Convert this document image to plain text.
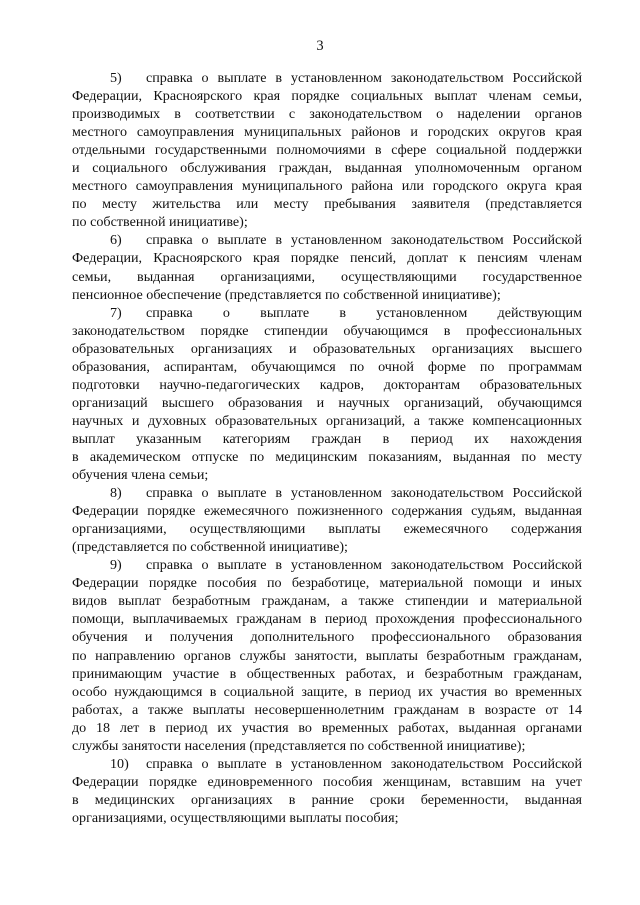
3
5) справка о выплате в установленном законодательством Российской
Федерации, Красноярского края порядке социальных выплат членам семьи,
производимых в соответствии с законодательством о наделении органов
местного самоуправления муниципальных районов и городских округов края
отдельными государственными полномочиями в сфере социальной поддержки
и социального обслуживания граждан, выданная уполномоченным органом
местного самоуправления муниципального района или городского округа края
по месту жительства или месту пребывания заявителя (представляется
по собственной инициативе);
6) справка о выплате в установленном законодательством Российской
Федерации, Красноярского края порядке пенсий, доплат к пенсиям членам
семьи, выданная организациями, осуществляющими государственное
пенсионное обеспечение (представляется по собственной инициативе);
7) справка о выплате в установленном действующим
законодательством порядке стипендии обучающимся в профессиональных
образовательных организациях и образовательных организациях высшего
образования, аспирантам, обучающимся по очной форме по программам
подготовки научно-педагогических кадров, докторантам образовательных
организаций высшего образования и научных организаций, обучающимся
научных и духовных образовательных организаций, а также компенсационных
выплат указанным категориям граждан в период их нахождения
в академическом отпуске по медицинским показаниям, выданная по месту
обучения члена семьи;
8) справка о выплате в установленном законодательством Российской
Федерации порядке ежемесячного пожизненного содержания судьям, выданная
организациями, осуществляющими выплаты ежемесячного содержания
(представляется по собственной инициативе);
9) справка о выплате в установленном законодательством Российской
Федерации порядке пособия по безработице, материальной помощи и иных
видов выплат безработным гражданам, а также стипендии и материальной
помощи, выплачиваемых гражданам в период прохождения профессионального
обучения и получения дополнительного профессионального образования
по направлению органов службы занятости, выплаты безработным гражданам,
принимающим участие в общественных работах, и безработным гражданам,
особо нуждающимся в социальной защите, в период их участия во временных
работах, а также выплаты несовершеннолетним гражданам в возрасте от 14
до 18 лет в период их участия во временных работах, выданная органами
службы занятости населения (представляется по собственной инициативе);
10) справка о выплате в установленном законодательством Российской
Федерации порядке единовременного пособия женщинам, вставшим на учет
в медицинских организациях в ранние сроки беременности, выданная
организациями, осуществляющими выплаты пособия;
